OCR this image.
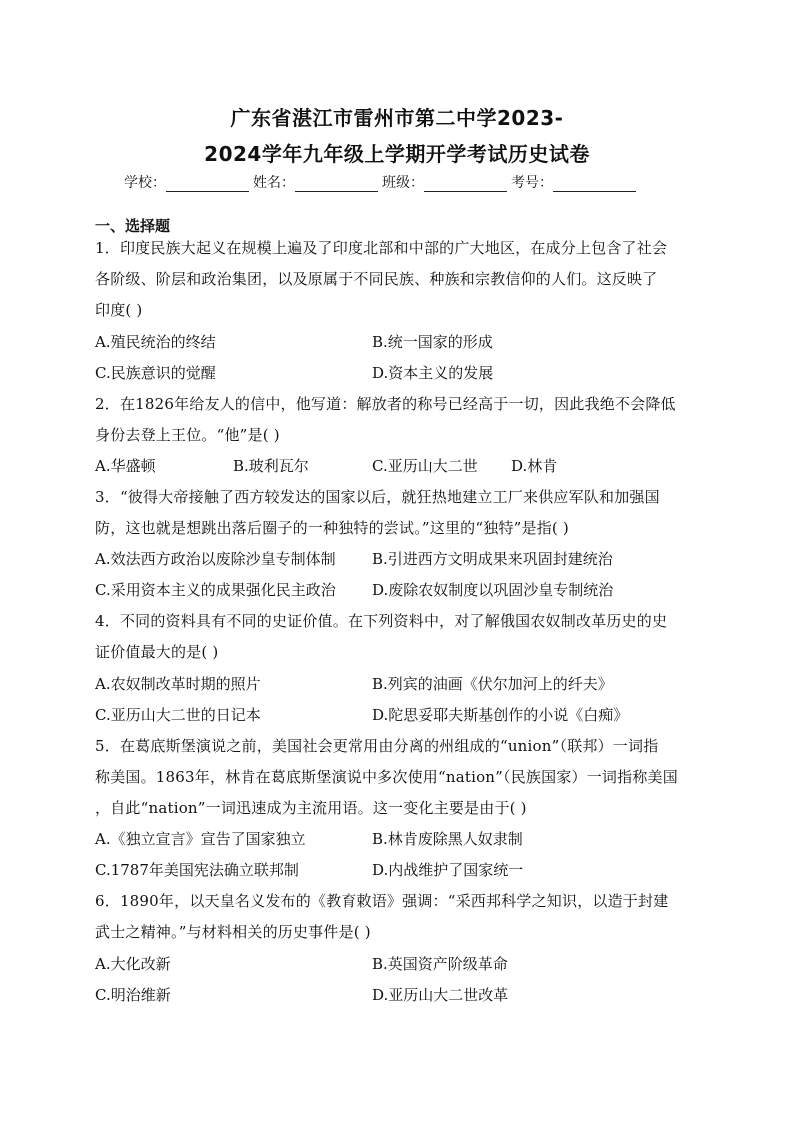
广东省湛江市雷州市第二中学2023-
2024学年九年级上学期开学考试历史试卷
学校：	姓名：	班级：	考号：
一、选择题
1．印度民族大起义在规模上遍及了印度北部和中部的广大地区，在成分上包含了社会
各阶级、阶层和政治集团，以及原属于不同民族、种族和宗教信仰的人们。这反映了
印度( )
A.殖民统治的终结	B.统一国家的形成
C.民族意识的觉醒	D.资本主义的发展
2．在1826年给友人的信中，他写道：解放者的称号已经高于一切，因此我绝不会降低
身份去登上王位。“他”是( )
A.华盛顿	B.玻利瓦尔	C.亚历山大二世 D.林肯
3．“彼得大帝接触了西方较发达的国家以后，就狂热地建立工厂来供应军队和加强国
防，这也就是想跳出落后圈子的一种独特的尝试。”这里的“独特”是指( )
A.效法西方政治以废除沙皇专制体制 B.引进西方文明成果来巩固封建统治
C.采用资本主义的成果强化民主政治 D.废除农奴制度以巩固沙皇专制统治
4．不同的资料具有不同的史证价值。在下列资料中，对了解俄国农奴制改革历史的史
证价值最大的是( )
A.农奴制改革时期的照片	B.列宾的油画《伏尔加河上的纤夫》
C.亚历山大二世的日记本	D.陀思妥耶夫斯基创作的小说《白痴》
5．在葛底斯堡演说之前，美国社会更常用由分离的州组成的“union”（联邦）一词指
称美国。1863年，林肯在葛底斯堡演说中多次使用“nation”（民族国家）一词指称美国
，自此“nation”一词迅速成为主流用语。这一变化主要是由于( )
A.《独立宣言》宣告了国家独立	B.林肯废除黑人奴隶制
C.1787年美国宪法确立联邦制	D.内战维护了国家统一
6．1890年，以天皇名义发布的《教育敕语》强调：“采西邦科学之知识，以造于封建
武士之精神。”与材料相关的历史事件是( )
A.大化改新	B.英国资产阶级革命
C.明治维新	D.亚历山大二世改革
